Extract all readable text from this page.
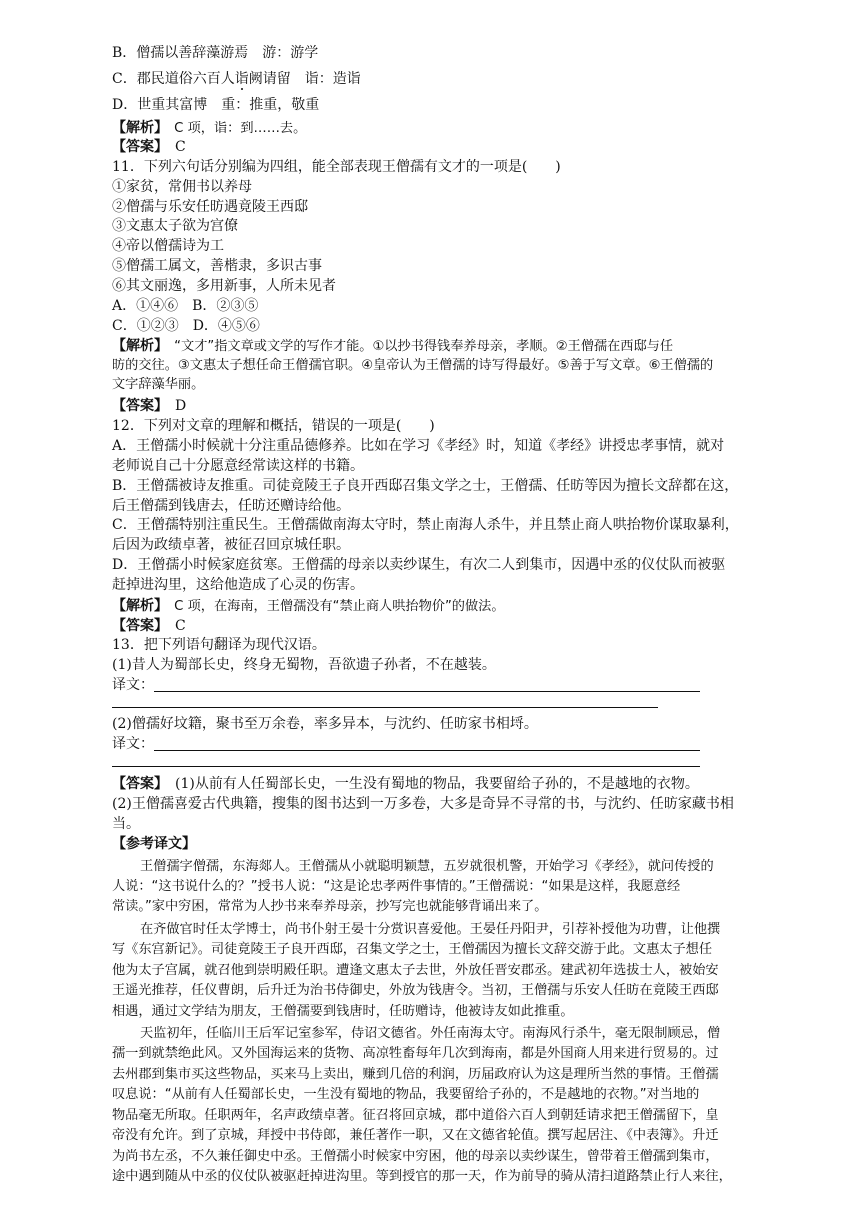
B．僧孺以善辞藻游焉　游：游学
C．郡民道俗六百人诣阙请留　诣：造诣
D．世重其富博　重：推重，敬重
【解析】　C 项，诣：到……去。
【答案】　C
11．下列六句话分别编为四组，能全部表现王僧孺有文才的一项是(　　)
①家贫，常佣书以养母
②僧孺与乐安任昉遇竟陵王西邸
③文惠太子欲为宫僚
④帝以僧孺诗为工
⑤僧孺工属文，善楷隶，多识古事
⑥其文丽逸，多用新事，人所未见者
A．①④⑥　B．②③⑤
C．①②③　D．④⑤⑥
【解析】　“文才”指文章或文学的写作才能。①以抄书得钱奉养母亲，孝顺。②王僧孺在西邸与任
昉的交往。③文惠太子想任命王僧孺官职。④皇帝认为王僧孺的诗写得最好。⑤善于写文章。⑥王僧孺的
文字辞藻华丽。
【答案】　D
12．下列对文章的理解和概括，错误的一项是(　　)
A．王僧孺小时候就十分注重品德修养。比如在学习《孝经》时，知道《孝经》讲授忠孝事情，就对
老师说自己十分愿意经常读这样的书籍。
B．王僧孺被诗友推重。司徒竟陵王子良开西邸召集文学之士，王僧孺、任昉等因为擅长文辞都在这，
后王僧孺到钱唐去，任昉还赠诗给他。
C．王僧孺特别注重民生。王僧孺做南海太守时，禁止南海人杀牛，并且禁止商人哄抬物价谋取暴利，
后因为政绩卓著，被征召回京城任职。
D．王僧孺小时候家庭贫寒。王僧孺的母亲以卖纱谋生，有次二人到集市，因遇中丞的仪仗队而被驱
赶掉进沟里，这给他造成了心灵的伤害。
【解析】　C 项，在海南，王僧孺没有“禁止商人哄抬物价”的做法。
【答案】　C
13．把下列语句翻译为现代汉语。
(1)昔人为蜀部长史，终身无蜀物，吾欲遗子孙者，不在越装。
译文：
(2)僧孺好坟籍，聚书至万余卷，率多异本，与沈约、任昉家书相埒。
译文：
【答案】　(1)从前有人任蜀部长史，一生没有蜀地的物品，我要留给子孙的，不是越地的衣物。
(2)王僧孺喜爱古代典籍，搜集的图书达到一万多卷，大多是奇异不寻常的书，与沈约、任昉家藏书相
当。
【参考译文】
王僧孺字僧孺，东海郯人。王僧孺从小就聪明颖慧，五岁就很机警，开始学习《孝经》，就问传授的
人说：“这书说什么的？”授书人说：“这是论忠孝两件事情的。”王僧孺说：“如果是这样，我愿意经
常读。”家中穷困，常常为人抄书来奉养母亲，抄写完也就能够背诵出来了。
在齐做官时任太学博士，尚书仆射王晏十分赏识喜爱他。王晏任丹阳尹，引荐补授他为功曹，让他撰
写《东宫新记》。司徒竟陵王子良开西邸，召集文学之士，王僧孺因为擅长文辞交游于此。文惠太子想任
他为太子宫属，就召他到崇明殿任职。遭逢文惠太子去世，外放任晋安郡丞。建武初年选拔士人，被始安
王遥光推荐，任仪曹朗，后升迁为治书侍御史，外放为钱唐令。当初，王僧孺与乐安人任昉在竟陵王西邸
相遇，通过文学结为朋友，王僧孺要到钱唐时，任昉赠诗，他被诗友如此推重。
天监初年，任临川王后军记室参军，侍诏文德省。外任南海太守。南海风行杀牛，毫无限制顾忌，僧
孺一到就禁绝此风。又外国海运来的货物、高凉牲畜每年几次到海南，都是外国商人用来进行贸易的。过
去州郡到集市买这些物品，买来马上卖出，赚到几倍的利润，历届政府认为这是理所当然的事情。王僧孺
叹息说：“从前有人任蜀部长史，一生没有蜀地的物品，我要留给子孙的，不是越地的衣物。”对当地的
物品毫无所取。任职两年，名声政绩卓著。征召将回京城，郡中道俗六百人到朝廷请求把王僧孺留下，皇
帝没有允许。到了京城，拜授中书侍郎，兼任著作一职，又在文德省轮值。撰写起居注、《中表簿》。升迁
为尚书左丞，不久兼任御史中丞。王僧孺小时候家中穷困，他的母亲以卖纱谋生，曾带着王僧孺到集市，
途中遇到随从中丞的仪仗队被驱赶掉进沟里。等到授官的那一天，作为前导的骑从清扫道路禁止行人来往，
